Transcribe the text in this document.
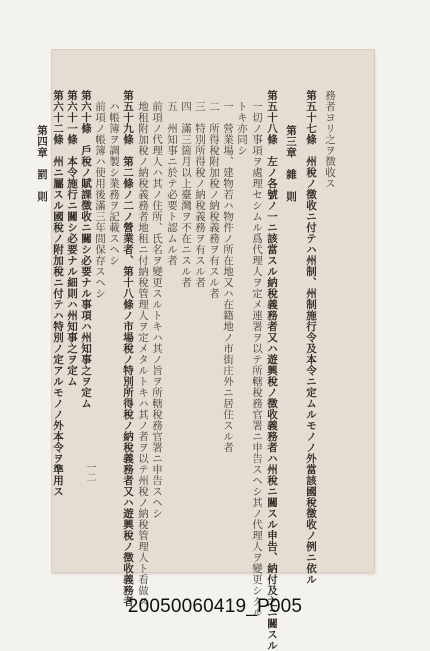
務者ヨリ之ヲ徴收ス
第五十七條　州稅ノ徴收ニ付テハ州制、州制施行令及本令ニ定ムルモノノ外當該國稅徴收ノ例ニ依ル
第三章　雜　則
第五十八條　左ノ各號ノ一ニ該當スル納稅義務者又ハ遊興稅ノ徴收義務者ハ州稅ニ關スル申告、納付及之ニ關スル
一切ノ事項ヲ處理セシムル爲代理人ヲ定メ連署ヲ以テ所轄稅務官署ニ申告スヘシ其ノ代理人ヲ變更シタル
トキ亦同シ
一　營業場、建物若ハ物件ノ所在地又ハ在籍地ノ市街庄外ニ居住スル者
二　所得稅附加稅ノ納稅義務ヲ有スル者
三　特別所得稅ノ納稅義務ヲ有スル者
四　滿三箇月以上臺灣ヲ不在ニスル者
五　州知事ニ於テ必要ト認ムル者
前項ノ代理人ハ其ノ住所、氏名ヲ變更スルトキハ其ノ旨ヲ所轄稅務官署ニ申告スヘシ
地租附加稅ノ納稅義務者地租ニ付納稅管理人ヲ定メタルトキハ其ノ者ヲ以テ州稅ノ納稅管理人ト看做ス
第五十九條　第二條ノ二ノ營業者、第十八條ノ市場稅ノ特別所得稅ノ納稅義務者又ハ遊興稅ノ徴收義務者
ハ帳簿ヲ調製シ業務ヲ記載スヘシ
前項ノ帳簿ハ使用後滿三年間保存スヘシ
第六十條　戶稅ノ賦課徴收ニ關シ必要ナル事項ハ州知事之ヲ定ム
第六十一條　本令施行ニ關シ必要ナル細則ハ州知事之ヲ定ム
第六十二條　州ニ屬スル國稅ノ附加稅ニ付テハ特別ノ定アルモノノ外本令ヲ準用ス
第四章　罰　則
一二
20050060419_P005
